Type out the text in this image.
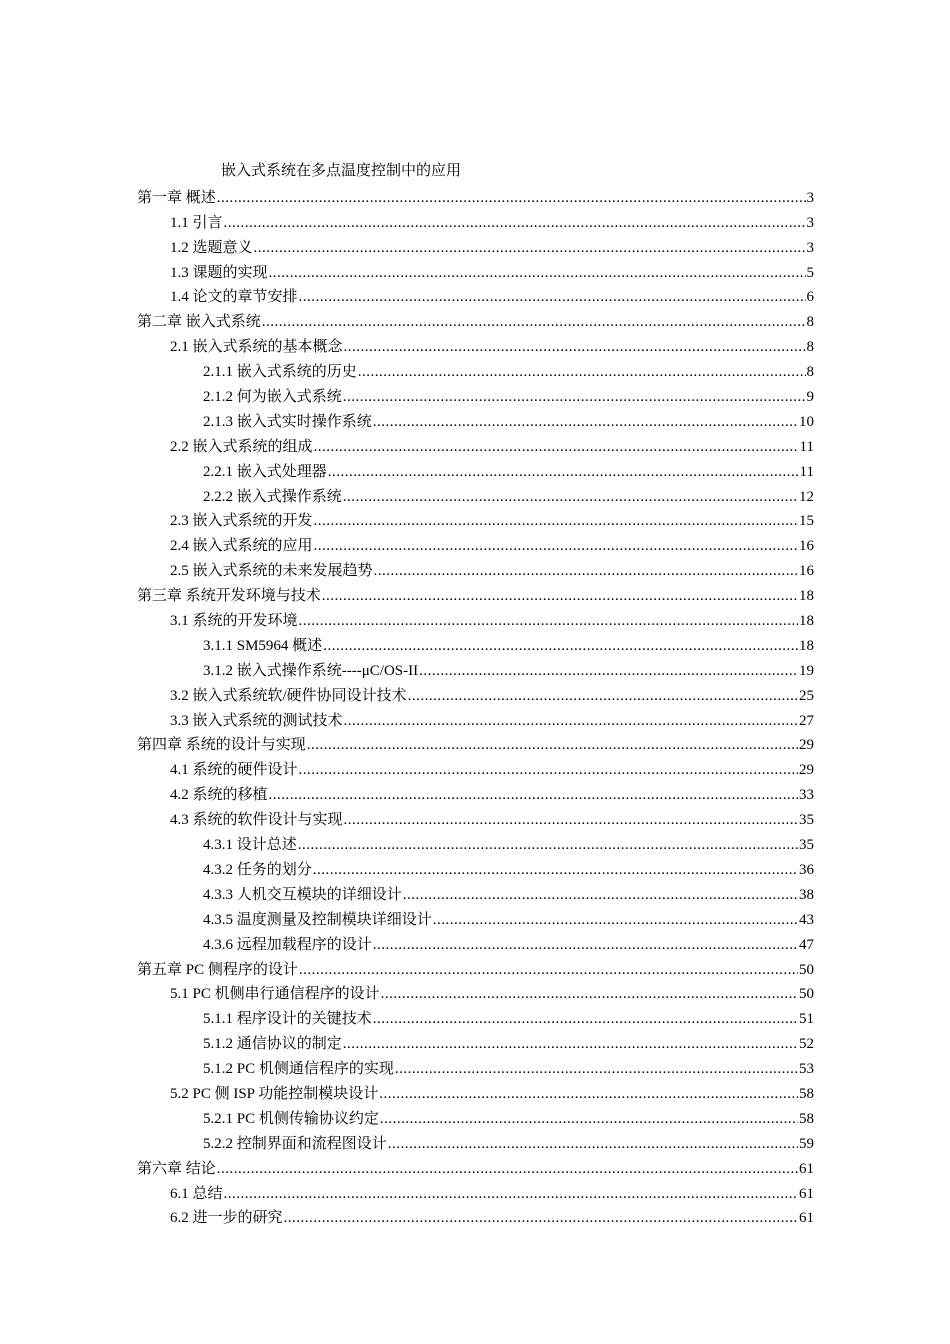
嵌入式系统在多点温度控制中的应用
第一章 概述 .....	3
1.1 引言 .....	3
1.2 选题意义 .....	3
1.3 课题的实现 .....	5
1.4 论文的章节安排 .....	6
第二章 嵌入式系统 .....	8
2.1 嵌入式系统的基本概念 .....	8
2.1.1 嵌入式系统的历史 .....	8
2.1.2 何为嵌入式系统 .....	9
2.1.3 嵌入式实时操作系统 .....	10
2.2 嵌入式系统的组成 .....	11
2.2.1 嵌入式处理器 .....	11
2.2.2 嵌入式操作系统 .....	12
2.3 嵌入式系统的开发 .....	15
2.4 嵌入式系统的应用 .....	16
2.5 嵌入式系统的未来发展趋势 .....	16
第三章 系统开发环境与技术 .....	18
3.1 系统的开发环境 .....	18
3.1.1 SM5964 概述 .....	18
3.1.2 嵌入式操作系统----μC/OS-II .....	19
3.2 嵌入式系统软/硬件协同设计技术 .....	25
3.3 嵌入式系统的测试技术 .....	27
第四章 系统的设计与实现 .....	29
4.1 系统的硬件设计 .....	29
4.2 系统的移植 .....	33
4.3 系统的软件设计与实现 .....	35
4.3.1 设计总述 .....	35
4.3.2 任务的划分 .....	36
4.3.3 人机交互模块的详细设计 .....	38
4.3.5 温度测量及控制模块详细设计 .....	43
4.3.6 远程加载程序的设计 .....	47
第五章 PC 侧程序的设计 .....	50
5.1 PC 机侧串行通信程序的设计 .....	50
5.1.1 程序设计的关键技术 .....	51
5.1.2 通信协议的制定 .....	52
5.1.2 PC 机侧通信程序的实现 .....	53
5.2 PC 侧 ISP 功能控制模块设计 .....	58
5.2.1 PC 机侧传输协议约定 .....	58
5.2.2 控制界面和流程图设计 .....	59
第六章 结论 .....	61
6.1 总结 .....	61
6.2 进一步的研究 .....	61
